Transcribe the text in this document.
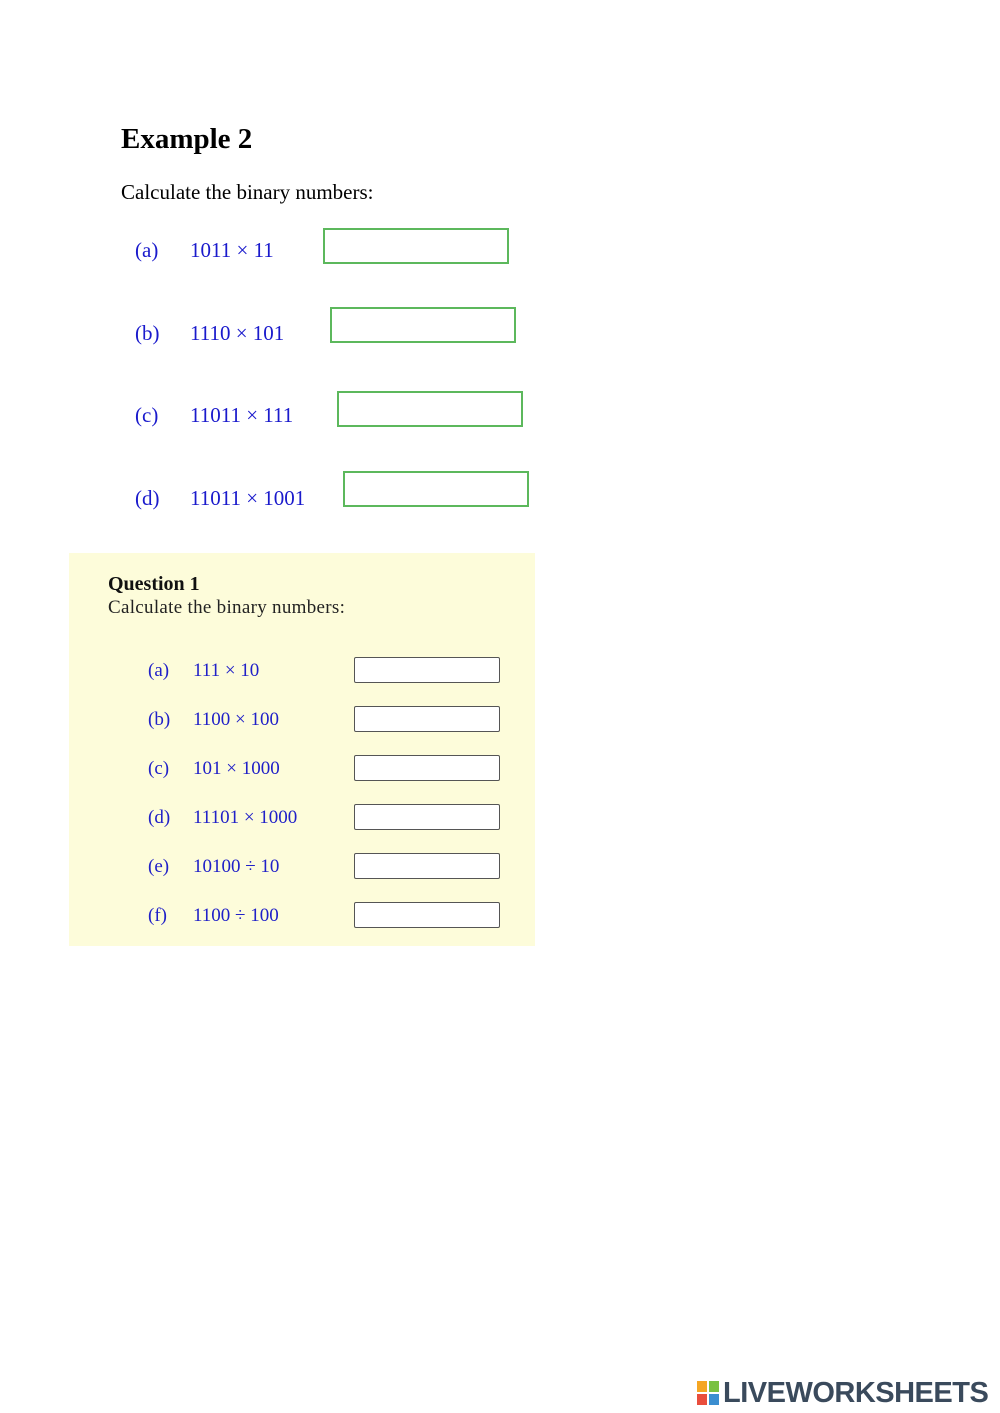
Example 2
Calculate the binary numbers:
(a) 1011 × 11
(b) 1110 × 101
(c) 11011 × 111
(d) 11011 × 1001
Question 1
Calculate the binary numbers:
(a) 111 × 10
(b) 1100 × 100
(c) 101 × 1000
(d) 11101 × 1000
(e) 10100 ÷ 10
(f) 1100 ÷ 100
LIVEWORKSHEETS
